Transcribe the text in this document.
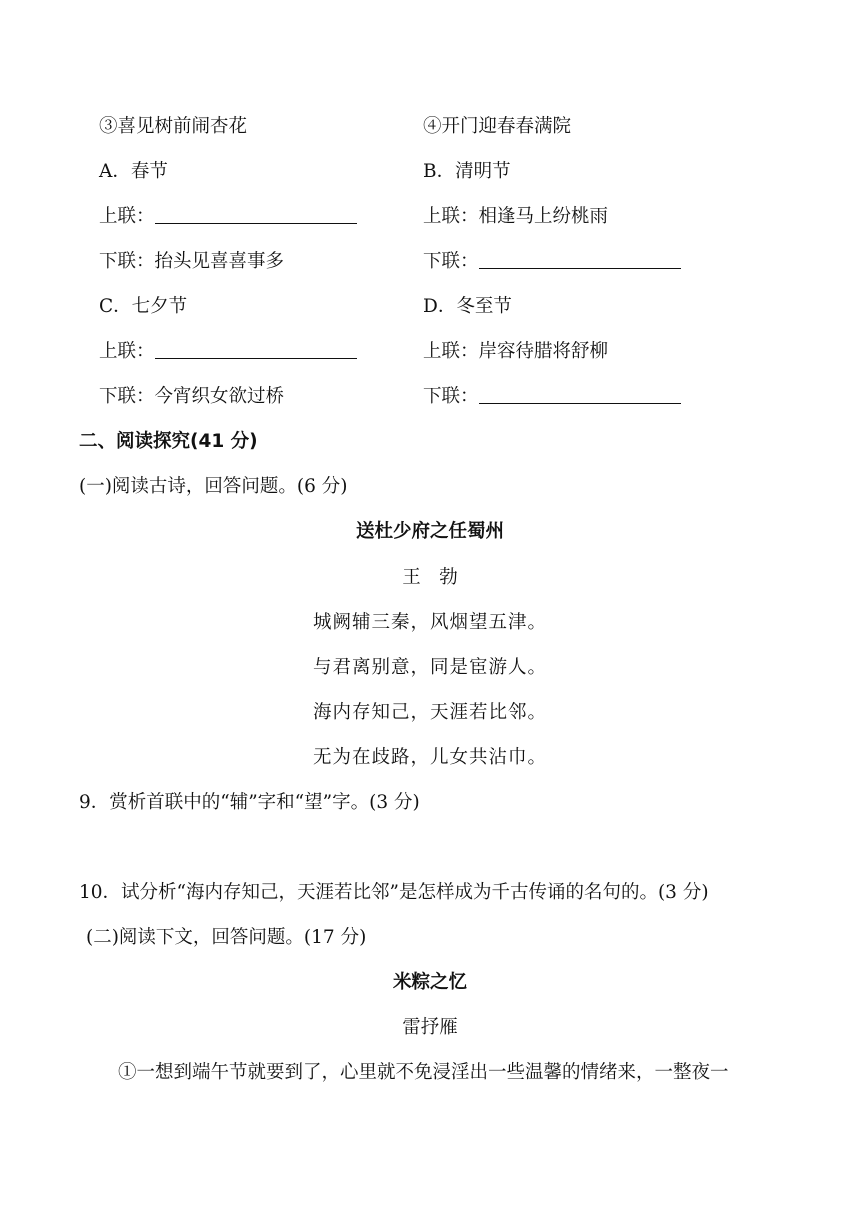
③喜见树前闹杏花	④开门迎春春满院
A．春节
上联：
下联：抬头见喜喜事多
B．清明节
上联：相逢马上纷桃雨
下联：
C．七夕节
上联：
下联：今宵织女欲过桥
D．冬至节
上联：岸容待腊将舒柳
下联：
二、阅读探究(41 分)
(一)阅读古诗，回答问题。(6 分)
送杜少府之任蜀州
王　勃
城阙辅三秦，风烟望五津。
与君离别意，同是宦游人。
海内存知己，天涯若比邻。
无为在歧路，儿女共沾巾。
9．赏析首联中的“辅”字和“望”字。(3 分)
10．试分析“海内存知己，天涯若比邻”是怎样成为千古传诵的名句的。(3 分)
(二)阅读下文，回答问题。(17 分)
米粽之忆
雷抒雁
①一想到端午节就要到了，心里就不免浸淫出一些温馨的情绪来，一整夜一
